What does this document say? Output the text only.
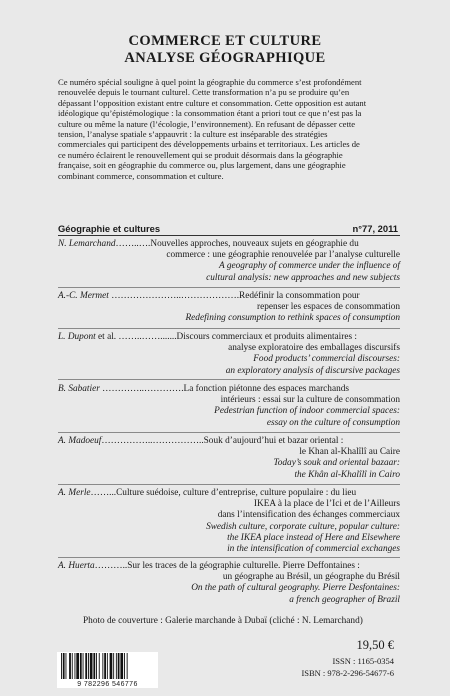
COMMERCE ET CULTURE
ANALYSE GÉOGRAPHIQUE
Ce numéro spécial souligne à quel point la géographie du commerce s’est profondément
renouvelée depuis le tournant culturel. Cette transformation n’a pu se produire qu’en
dépassant l’opposition existant entre culture et consommation. Cette opposition est autant
idéologique qu’épistémologique : la consommation étant a priori tout ce que n’est pas la
culture ou même la nature (l’écologie, l’environnement). En refusant de dépasser cette
tension, l’analyse spatiale s’appauvrit : la culture est inséparable des stratégies
commerciales qui participent des développements urbains et territoriaux. Les articles de
ce numéro éclairent le renouvellement qui se produit désormais dans la géographie
française, soit en géographie du commerce ou, plus largement, dans une géographie
combinant commerce, consommation et culture.
Géographie et cultures	n°77, 2011
N. Lemarchand……..….Nouvelles approches, nouveaux sujets en géographie du
commerce : une géographie renouvelée par l’analyse culturelle
A geography of commerce under the influence of
cultural analysis: new approaches and new subjects
A.-C. Mermet …………………..……………….Redéfinir la consommation pour
repenser les espaces de consommation
Redefining consumption to rethink spaces of consumption
L. Dupont et al. ……..…….......Discours commerciaux et produits alimentaires :
analyse exploratoire des emballages discursifs
Food products’ commercial discourses:
an exploratory analysis of discursive packages
B. Sabatier …………..………….La fonction piétonne des espaces marchands
intérieurs : essai sur la culture de consommation
Pedestrian function of indoor commercial spaces:
essay on the culture of consumption
A. Madoeuf……………..……………..Souk d’aujourd’hui et bazar oriental :
le Khan al-Khalîlî au Caire
Today’s souk and oriental bazaar:
the Khân al-Khalîlî in Cairo
A. Merle……...Culture suédoise, culture d’entreprise, culture populaire : du lieu
IKEA à la place de l’Ici et de l’Ailleurs
dans l’intensification des échanges commerciaux
Swedish culture, corporate culture, popular culture:
the IKEA place instead of Here and Elsewhere
in the intensification of commercial exchanges
A. Huerta………..Sur les traces de la géographie culturelle. Pierre Deffontaines :
un géographe au Brésil, un géographe du Brésil
On the path of cultural geography. Pierre Desfontaines:
a french geographer of Brazil
Photo de couverture : Galerie marchande à Dubaï (cliché : N. Lemarchand)
9 782296 546776
19,50 €
ISSN : 1165-0354
ISBN : 978-2-296-54677-6
